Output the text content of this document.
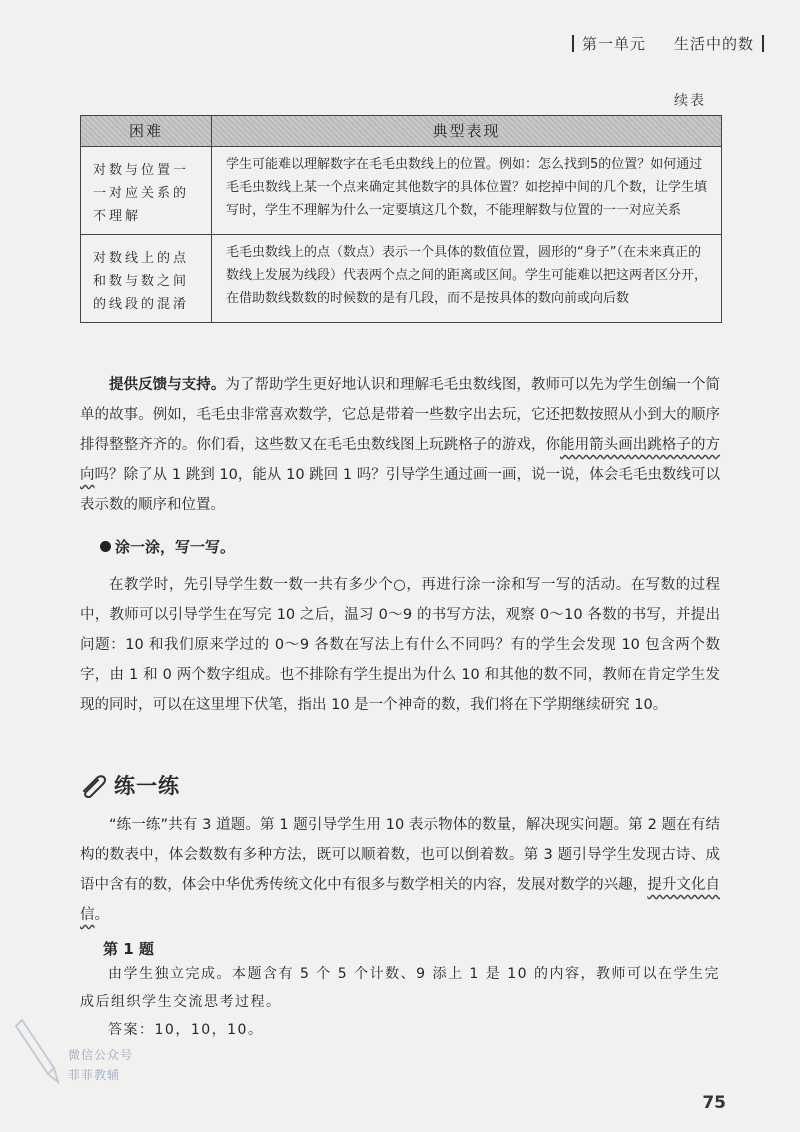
第一单元 生活中的数
续表
困难	典型表现
对数与位置一一对应关系的不理解	学生可能难以理解数字在毛毛虫数线上的位置。例如：怎么找到5的位置？如何通过毛毛虫数线上某一个点来确定其他数字的具体位置？如挖掉中间的几个数，让学生填写时，学生不理解为什么一定要填这几个数，不能理解数与位置的一一对应关系
对数线上的点和数与数之间的线段的混淆	毛毛虫数线上的点（数点）表示一个具体的数值位置，圆形的“身子”（在未来真正的数线上发展为线段）代表两个点之间的距离或区间。学生可能难以把这两者区分开，在借助数线数数的时候数的是有几段，而不是按具体的数向前或向后数
提供反馈与支持。为了帮助学生更好地认识和理解毛毛虫数线图，教师可以先为学生创编一个简单的故事。例如，毛毛虫非常喜欢数学，它总是带着一些数字出去玩，它还把数按照从小到大的顺序排得整整齐齐的。你们看，这些数又在毛毛虫数线图上玩跳格子的游戏，你能用箭头画出跳格子的方向吗？除了从 1 跳到 10，能从 10 跳回 1 吗？引导学生通过画一画，说一说，体会毛毛虫数线可以表示数的顺序和位置。
涂一涂，写一写。
在教学时，先引导学生数一数一共有多少个○，再进行涂一涂和写一写的活动。在写数的过程中，教师可以引导学生在写完 10 之后，温习 0～9 的书写方法，观察 0～10 各数的书写，并提出问题：10 和我们原来学过的 0～9 各数在写法上有什么不同吗？有的学生会发现 10 包含两个数字，由 1 和 0 两个数字组成。也不排除有学生提出为什么 10 和其他的数不同，教师在肯定学生发现的同时，可以在这里埋下伏笔，指出 10 是一个神奇的数，我们将在下学期继续研究 10。
练一练
“练一练”共有 3 道题。第 1 题引导学生用 10 表示物体的数量，解决现实问题。第 2 题在有结构的数表中，体会数数有多种方法，既可以顺着数，也可以倒着数。第 3 题引导学生发现古诗、成语中含有的数，体会中华优秀传统文化中有很多与数学相关的内容，发展对数学的兴趣，提升文化自信。
第 1 题
由学生独立完成。本题含有 5 个 5 个计数、9 添上 1 是 10 的内容，教师可以在学生完成后组织学生交流思考过程。
答案：10，10，10。
微信公众号
菲菲教辅
75
